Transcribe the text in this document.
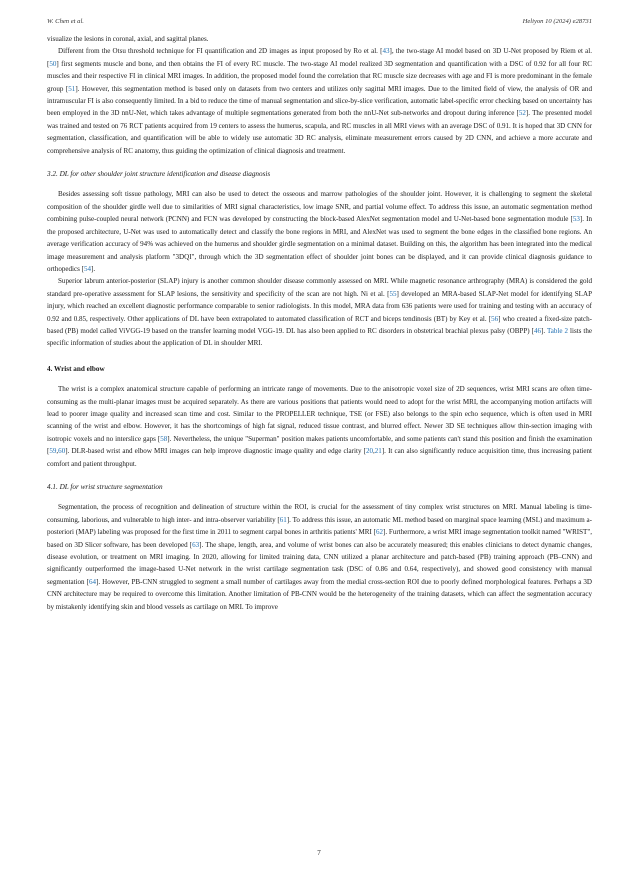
W. Chen et al.	Heliyon 10 (2024) e28731

visualize the lesions in coronal, axial, and sagittal planes.

Different from the Otsu threshold technique for FI quantification and 2D images as input proposed by Ro et al. [43], the two-stage AI model based on 3D U-Net proposed by Riem et al. [50] first segments muscle and bone, and then obtains the FI of every RC muscle. The two-stage AI model realized 3D segmentation and quantification with a DSC of 0.92 for all four RC muscles and their respective FI in clinical MRI images. In addition, the proposed model found the correlation that RC muscle size decreases with age and FI is more predominant in the female group [51]. However, this segmentation method is based only on datasets from two centers and utilizes only sagittal MRI images. Due to the limited field of view, the analysis of OR and intramuscular FI is also consequently limited. In a bid to reduce the time of manual segmentation and slice-by-slice verification, automatic label-specific error checking based on uncertainty has been employed in the 3D nnU-Net, which takes advantage of multiple segmentations generated from both the nnU-Net sub-networks and dropout during inference [52]. The presented model was trained and tested on 76 RCT patients acquired from 19 centers to assess the humerus, scapula, and RC muscles in all MRI views with an average DSC of 0.91. It is hoped that 3D CNN for segmentation, classification, and quantification will be able to widely use automatic 3D RC analysis, eliminate measurement errors caused by 2D CNN, and achieve a more accurate and comprehensive analysis of RC anatomy, thus guiding the optimization of clinical diagnosis and treatment.

3.2. DL for other shoulder joint structure identification and disease diagnosis

Besides assessing soft tissue pathology, MRI can also be used to detect the osseous and marrow pathologies of the shoulder joint. However, it is challenging to segment the skeletal composition of the shoulder girdle well due to similarities of MRI signal characteristics, low image SNR, and partial volume effect. To address this issue, an automatic segmentation method combining pulse-coupled neural network (PCNN) and FCN was developed by constructing the block-based AlexNet segmentation model and U-Net-based bone segmentation module [53]. In the proposed architecture, U-Net was used to automatically detect and classify the bone regions in MRI, and AlexNet was used to segment the bone edges in the classified bone regions. An average verification accuracy of 94% was achieved on the humerus and shoulder girdle segmentation on a minimal dataset. Building on this, the algorithm has been integrated into the medical image measurement and analysis platform "3DQI", through which the 3D segmentation effect of shoulder joint bones can be displayed, and it can provide clinical diagnosis guidance to orthopedics [54].

Superior labrum anterior-posterior (SLAP) injury is another common shoulder disease commonly assessed on MRI. While magnetic resonance arthrography (MRA) is considered the gold standard pre-operative assessment for SLAP lesions, the sensitivity and specificity of the scan are not high. Ni et al. [55] developed an MRA-based SLAP-Net model for identifying SLAP injury, which reached an excellent diagnostic performance comparable to senior radiologists. In this model, MRA data from 636 patients were used for training and testing with an accuracy of 0.92 and 0.85, respectively. Other applications of DL have been extrapolated to automated classification of RCT and biceps tendinosis (BT) by Key et al. [56] who created a fixed-size patch-based (PB) model called ViVGG-19 based on the transfer learning model VGG-19. DL has also been applied to RC disorders in obstetrical brachial plexus palsy (OBPP) [46]. Table 2 lists the specific information of studies about the application of DL in shoulder MRI.

4. Wrist and elbow

The wrist is a complex anatomical structure capable of performing an intricate range of movements. Due to the anisotropic voxel size of 2D sequences, wrist MRI scans are often time-consuming as the multi-planar images must be acquired separately. As there are various positions that patients would need to adopt for the wrist MRI, the accompanying motion artifacts will lead to poorer image quality and increased scan time and cost. Similar to the PROPELLER technique, TSE (or FSE) also belongs to the spin echo sequence, which is often used in MRI scanning of the wrist and elbow. However, it has the shortcomings of high fat signal, reduced tissue contrast, and blurred effect. Newer 3D SE techniques allow thin-section imaging with isotropic voxels and no interslice gaps [58]. Nevertheless, the unique "Superman" position makes patients uncomfortable, and some patients can't stand this position and finish the examination [59,60]. DLR-based wrist and elbow MRI images can help improve diagnostic image quality and edge clarity [20,21]. It can also significantly reduce acquisition time, thus increasing patient comfort and patient throughput.

4.1. DL for wrist structure segmentation

Segmentation, the process of recognition and delineation of structure within the ROI, is crucial for the assessment of tiny complex wrist structures on MRI. Manual labeling is time-consuming, laborious, and vulnerable to high inter- and intra-observer variability [61]. To address this issue, an automatic ML method based on marginal space learning (MSL) and maximum a-posteriori (MAP) labeling was proposed for the first time in 2011 to segment carpal bones in arthritis patients' MRI [62]. Furthermore, a wrist MRI image segmentation toolkit named "WRIST", based on 3D Slicer software, has been developed [63]. The shape, length, area, and volume of wrist bones can also be accurately measured; this enables clinicians to detect dynamic changes, disease evolution, or treatment on MRI imaging. In 2020, allowing for limited training data, CNN utilized a planar architecture and patch-based (PB) training approach (PB–CNN) and significantly outperformed the image-based U-Net network in the wrist cartilage segmentation task (DSC of 0.86 and 0.64, respectively), and showed good consistency with manual segmentation [64]. However, PB-CNN struggled to segment a small number of cartilages away from the medial cross-section ROI due to poorly defined morphological features. Perhaps a 3D CNN architecture may be required to overcome this limitation. Another limitation of PB-CNN would be the heterogeneity of the training datasets, which can affect the segmentation accuracy by mistakenly identifying skin and blood vessels as cartilage on MRI. To improve

7
